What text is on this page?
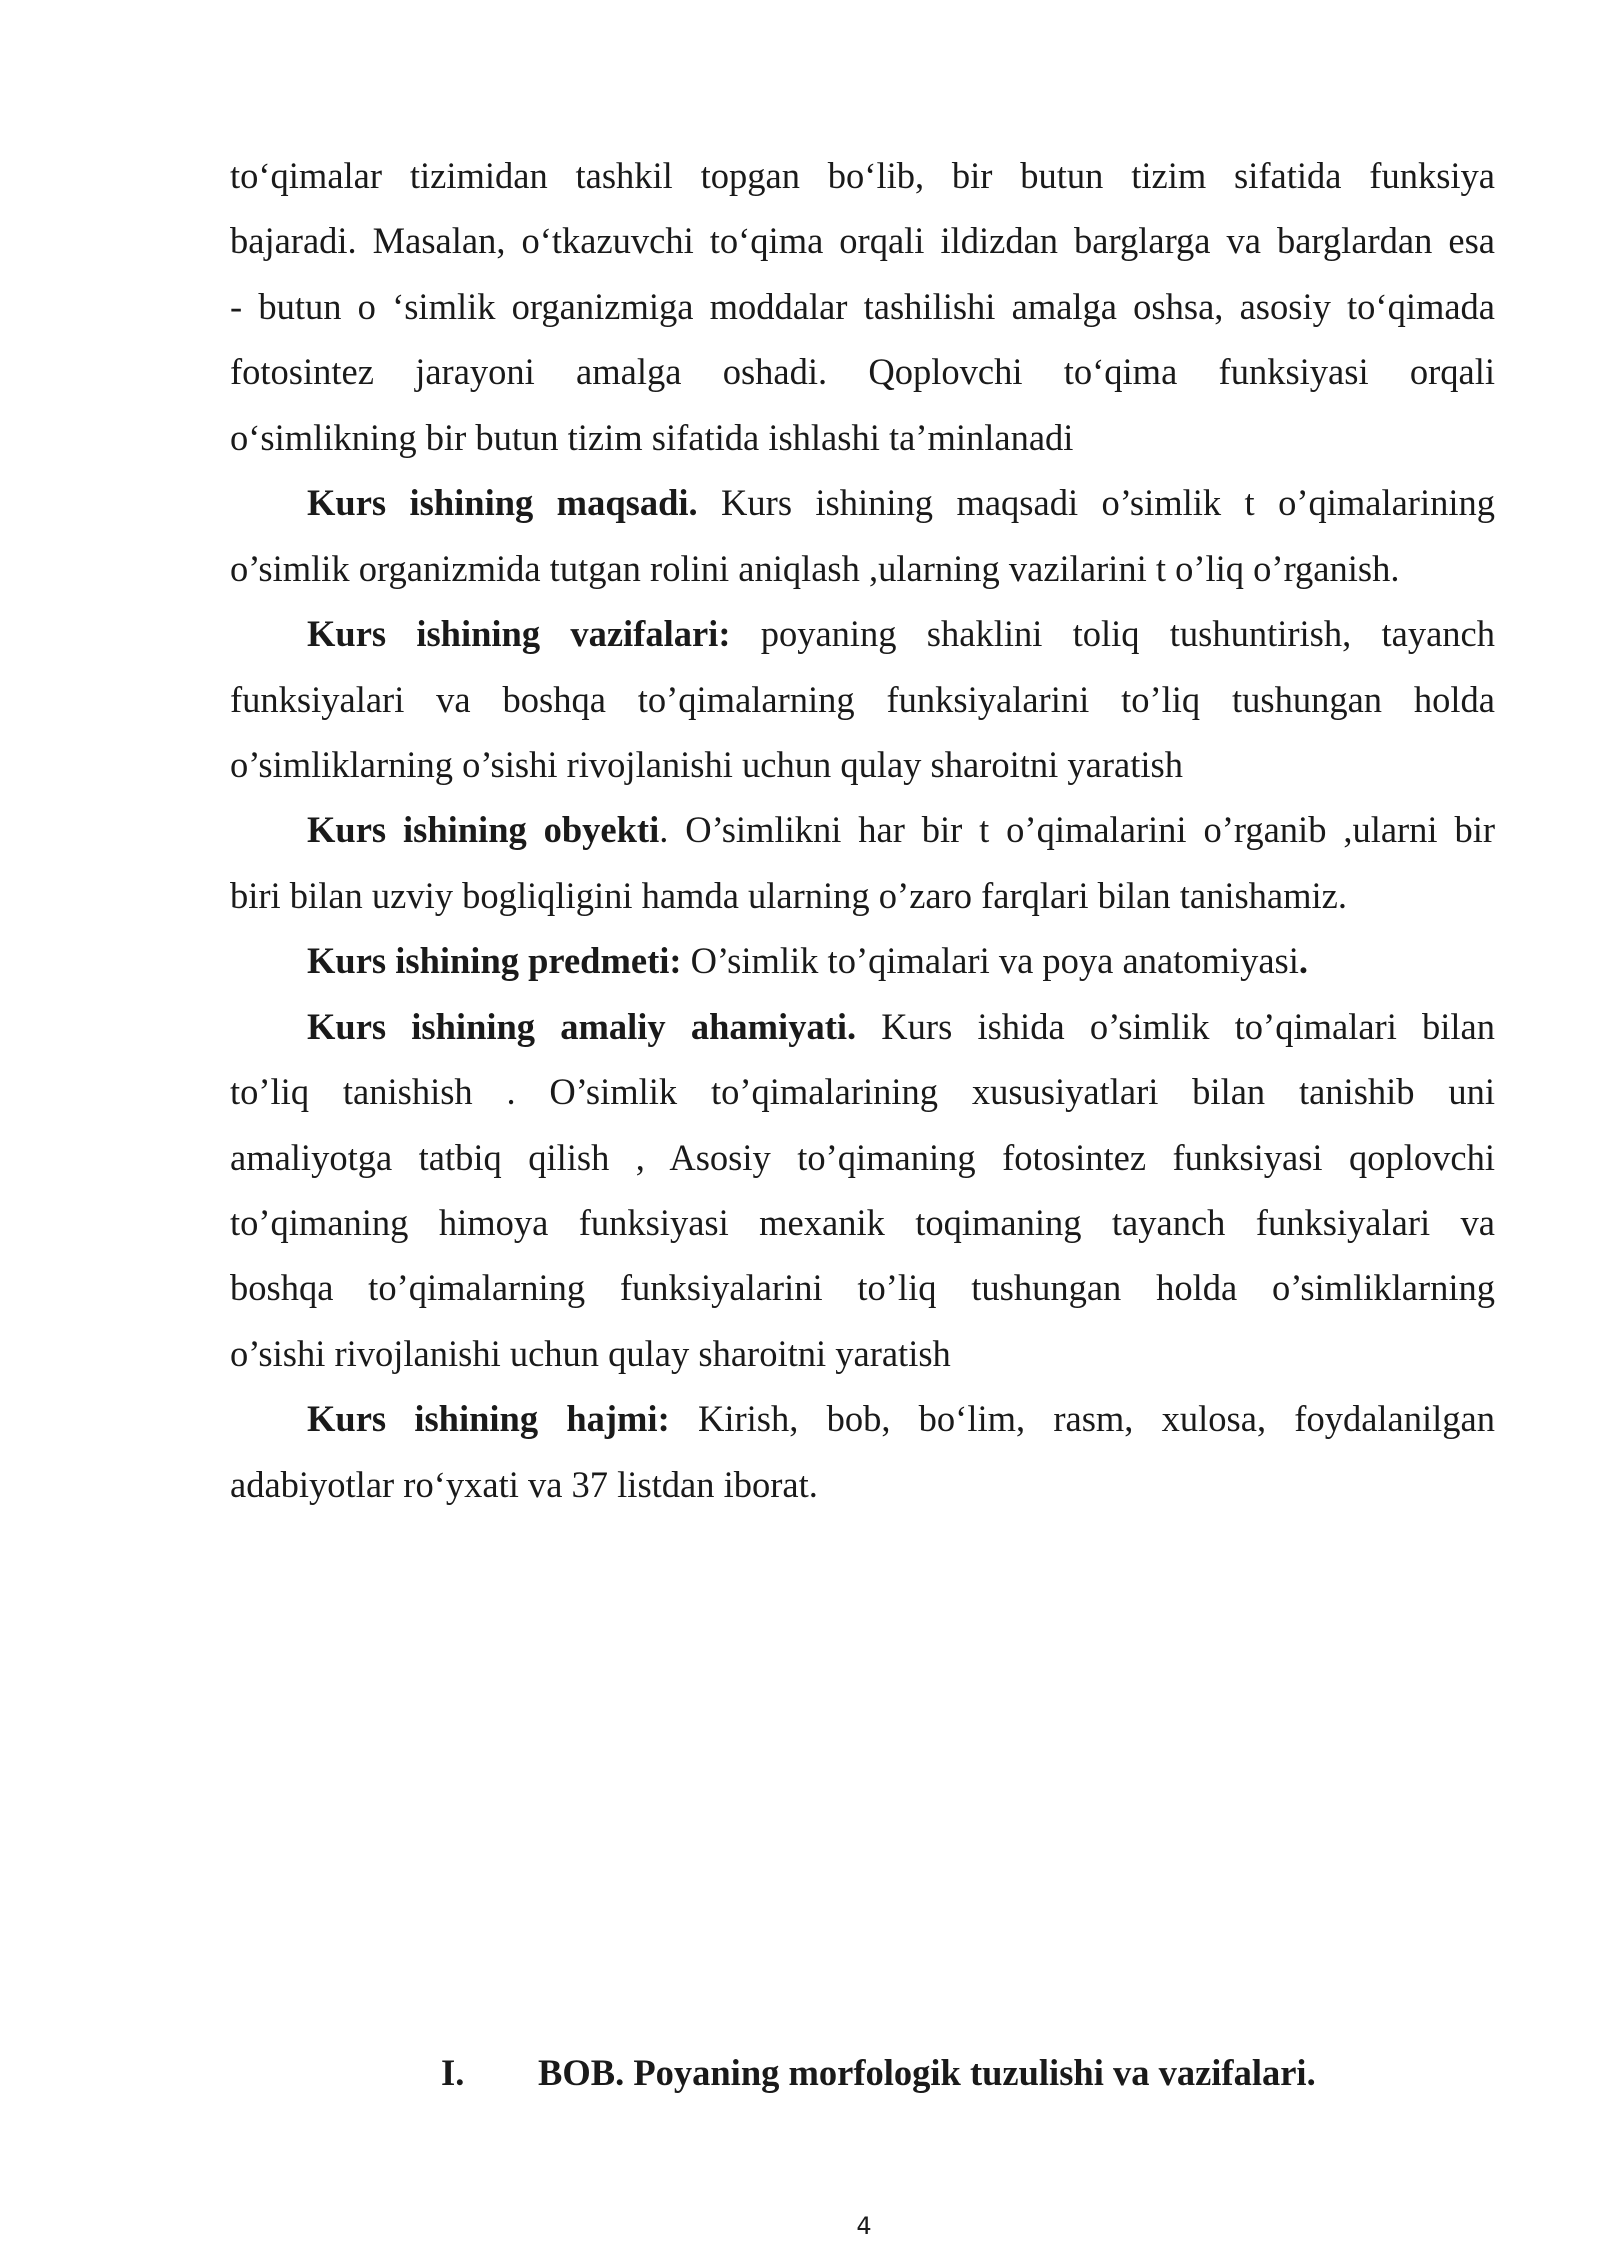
to‘qimalar tizimidan tashkil topgan bo‘lib, bir butun tizim sifatida funksiya
bajaradi. Masalan, o‘tkazuvchi to‘qima orqali ildizdan barglarga va barglardan esa
- butun o ‘simlik organizmiga moddalar tashilishi amalga oshsa, asosiy to‘qimada
fotosintez jarayoni amalga oshadi. Qoplovchi to‘qima funksiyasi orqali
o‘simlikning bir butun tizim sifatida ishlashi ta’minlanadi
Kurs ishining maqsadi. Kurs ishining maqsadi o’simlik t o’qimalarining
o’simlik organizmida tutgan rolini aniqlash ,ularning vazilarini t o’liq o’rganish.
Kurs ishining vazifalari: poyaning shaklini toliq tushuntirish, tayanch
funksiyalari va boshqa to’qimalarning funksiyalarini to’liq tushungan holda
o’simliklarning o’sishi rivojlanishi uchun qulay sharoitni yaratish
Kurs ishining obyekti. O’simlikni har bir t o’qimalarini o’rganib ,ularni bir
biri bilan uzviy bogliqligini hamda ularning o’zaro farqlari bilan tanishamiz.
Kurs ishining predmeti: O’simlik to’qimalari va poya anatomiyasi.
Kurs ishining amaliy ahamiyati. Kurs ishida o’simlik to’qimalari bilan
to’liq tanishish . O’simlik to’qimalarining xususiyatlari bilan tanishib uni
amaliyotga tatbiq qilish , Asosiy to’qimaning fotosintez funksiyasi qoplovchi
to’qimaning himoya funksiyasi mexanik toqimaning tayanch funksiyalari va
boshqa to’qimalarning funksiyalarini to’liq tushungan holda o’simliklarning
o’sishi rivojlanishi uchun qulay sharoitni yaratish
Kurs ishining hajmi: Kirish, bob, bo‘lim, rasm, xulosa, foydalanilgan
adabiyotlar ro‘yxati va 37 listdan iborat.
I. BOB. Poyaning morfologik tuzulishi va vazifalari.
4
